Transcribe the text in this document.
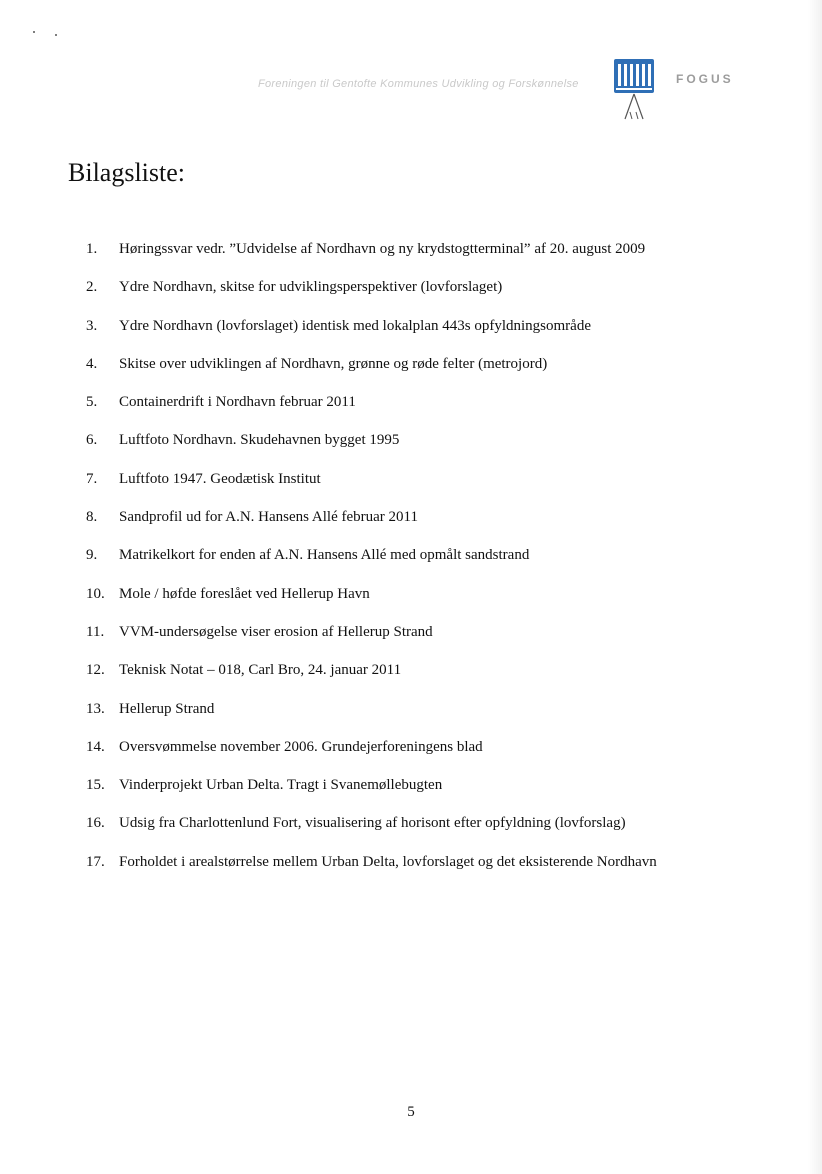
Foreningen til Gentofte Kommunes Udvikling og Forskønnelse	FOGUS
Bilagsliste:
1.	Høringssvar vedr. ”Udvidelse af Nordhavn og ny krydstogtterminal” af 20. august 2009
2.	Ydre Nordhavn, skitse for udviklingsperspektiver (lovforslaget)
3.	Ydre Nordhavn (lovforslaget) identisk med lokalplan 443s opfyldningsområde
4.	Skitse over udviklingen af Nordhavn, grønne og røde felter (metrojord)
5.	Containerdrift i Nordhavn februar 2011
6.	Luftfoto Nordhavn. Skudehavnen bygget 1995
7.	Luftfoto 1947. Geodætisk Institut
8.	Sandprofil ud for A.N. Hansens Allé februar 2011
9.	Matrikelkort for enden af A.N. Hansens Allé med opmålt sandstrand
10. Mole / høfde foreslået ved Hellerup Havn
11. VVM-undersøgelse viser erosion af Hellerup Strand
12. Teknisk Notat – 018, Carl Bro, 24. januar 2011
13. Hellerup Strand
14. Oversvømmelse november 2006. Grundejerforeningens blad
15. Vinderprojekt Urban Delta. Tragt i Svanemøllebugten
16. Udsig fra Charlottenlund Fort, visualisering af horisont efter opfyldning (lovforslag)
17. Forholdet i arealstørrelse mellem Urban Delta, lovforslaget og det eksisterende Nordhavn
5
